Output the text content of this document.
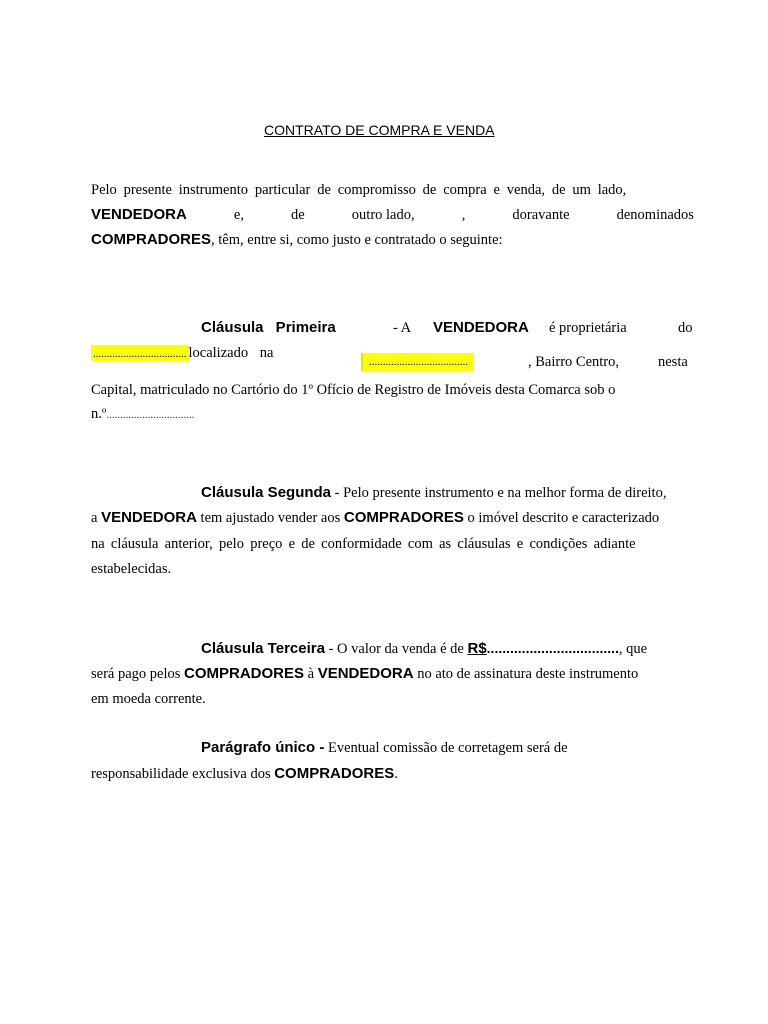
CONTRATO DE COMPRA E VENDA
Pelo presente instrumento particular de compromisso de compra e venda, de um lado,
VENDEDORA	e,	de	outro lado,	,	doravante	denominados
COMPRADORES, têm, entre si, como justo e contratado o seguinte:
Cláusula Primeira	- A VENDEDORA é proprietária	do
.................................. localizado na
....................................	, Bairro Centro,	nesta
Capital, matriculado no Cartório do 1º Ofício de Registro de Imóveis desta Comarca sob o
n.º................................
Cláusula Segunda - Pelo presente instrumento e na melhor forma de direito,
a VENDEDORA tem ajustado vender aos COMPRADORES o imóvel descrito e caracterizado
na cláusula anterior, pelo preço e de conformidade com as cláusulas e condições adiante
estabelecidas.
Cláusula Terceira - O valor da venda é de R$.................................., que
será pago pelos COMPRADORES à VENDEDORA no ato de assinatura deste instrumento
em moeda corrente.
Parágrafo único - Eventual comissão de corretagem será de
responsabilidade exclusiva dos COMPRADORES.
